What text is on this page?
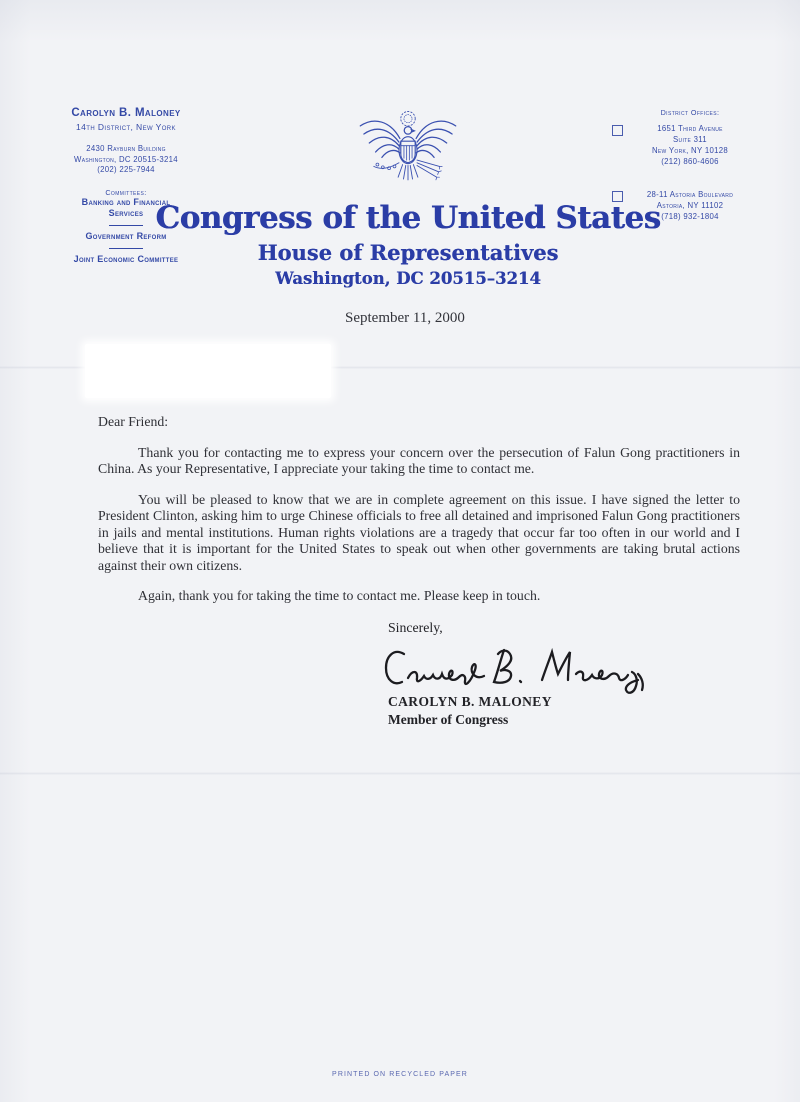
Carolyn B. Maloney
14th District, New York
2430 Rayburn Building
Washington, DC 20515-3214
(202) 225-7944
Committees:
Banking and Financial
Services
Government Reform
Joint Economic Committee
District Offices:
1651 Third Avenue
Suite 311
New York, NY 10128
(212) 860-4606
28-11 Astoria Boulevard
Astoria, NY 11102
(718) 932-1804
Congress of the United States
House of Representatives
Washington, DC 20515–3214
September 11, 2000

Dear Friend:

Thank you for contacting me to express your concern over the persecution of Falun Gong practitioners in China. As your Representative, I appreciate your taking the time to contact me.

You will be pleased to know that we are in complete agreement on this issue. I have signed the letter to President Clinton, asking him to urge Chinese officials to free all detained and imprisoned Falun Gong practitioners in jails and mental institutions. Human rights violations are a tragedy that occur far too often in our world and I believe that it is important for the United States to speak out when other governments are taking brutal actions against their own citizens.

Again, thank you for taking the time to contact me. Please keep in touch.

Sincerely,
CAROLYN B. MALONEY
Member of Congress
PRINTED ON RECYCLED PAPER
